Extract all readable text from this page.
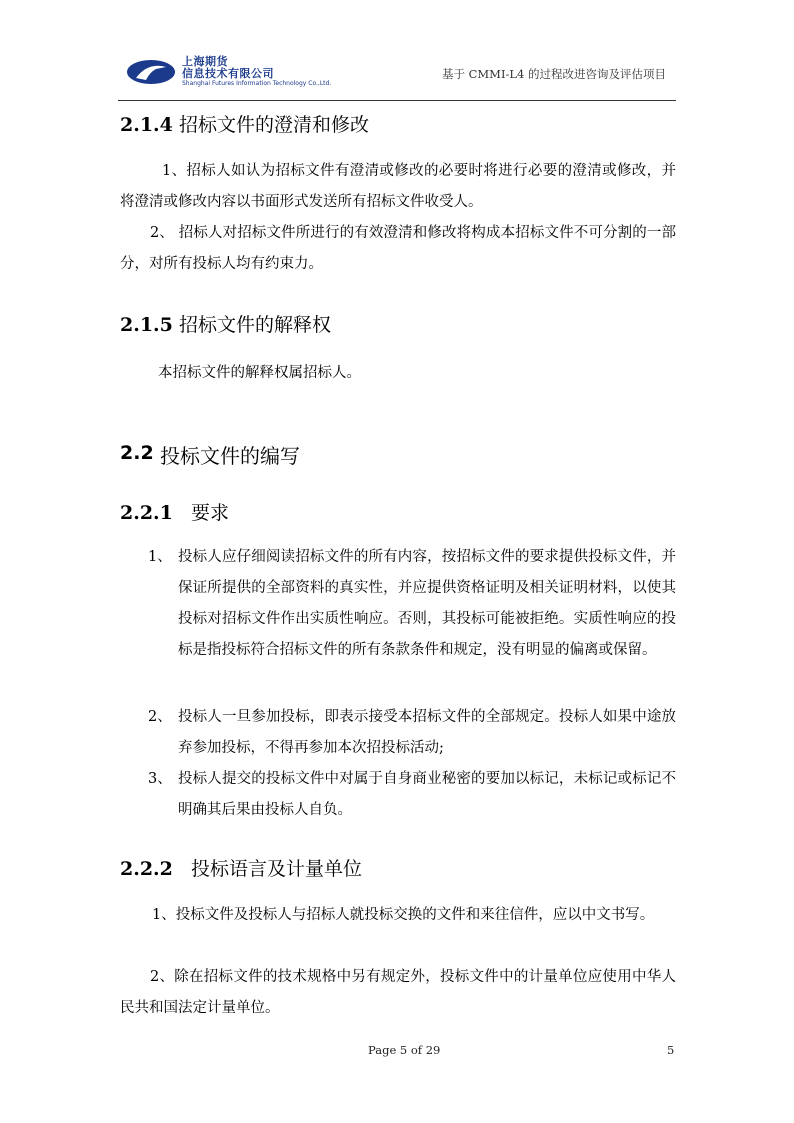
上海期货
信息技术有限公司
Shanghai Futures Information Technology Co.,Ltd.
基于 CMMI-L4 的过程改进咨询及评估项目
2.1.4 招标文件的澄清和修改
1、招标人如认为招标文件有澄清或修改的必要时将进行必要的澄清或修改，并将澄清或修改内容以书面形式发送所有招标文件收受人。
2、 招标人对招标文件所进行的有效澄清和修改将构成本招标文件不可分割的一部分，对所有投标人均有约束力。
2.1.5 招标文件的解释权
本招标文件的解释权属招标人。
2.2 投标文件的编写
2.2.1 要求
1、 投标人应仔细阅读招标文件的所有内容，按招标文件的要求提供投标文件，并保证所提供的全部资料的真实性，并应提供资格证明及相关证明材料，以使其投标对招标文件作出实质性响应。否则，其投标可能被拒绝。实质性响应的投标是指投标符合招标文件的所有条款条件和规定，没有明显的偏离或保留。
2、 投标人一旦参加投标，即表示接受本招标文件的全部规定。投标人如果中途放弃参加投标，不得再参加本次招投标活动;
3、 投标人提交的投标文件中对属于自身商业秘密的要加以标记，未标记或标记不明确其后果由投标人自负。
2.2.2 投标语言及计量单位
1、投标文件及投标人与招标人就投标交换的文件和来往信件，应以中文书写。
2、除在招标文件的技术规格中另有规定外，投标文件中的计量单位应使用中华人民共和国法定计量单位。
Page 5 of 29	5
